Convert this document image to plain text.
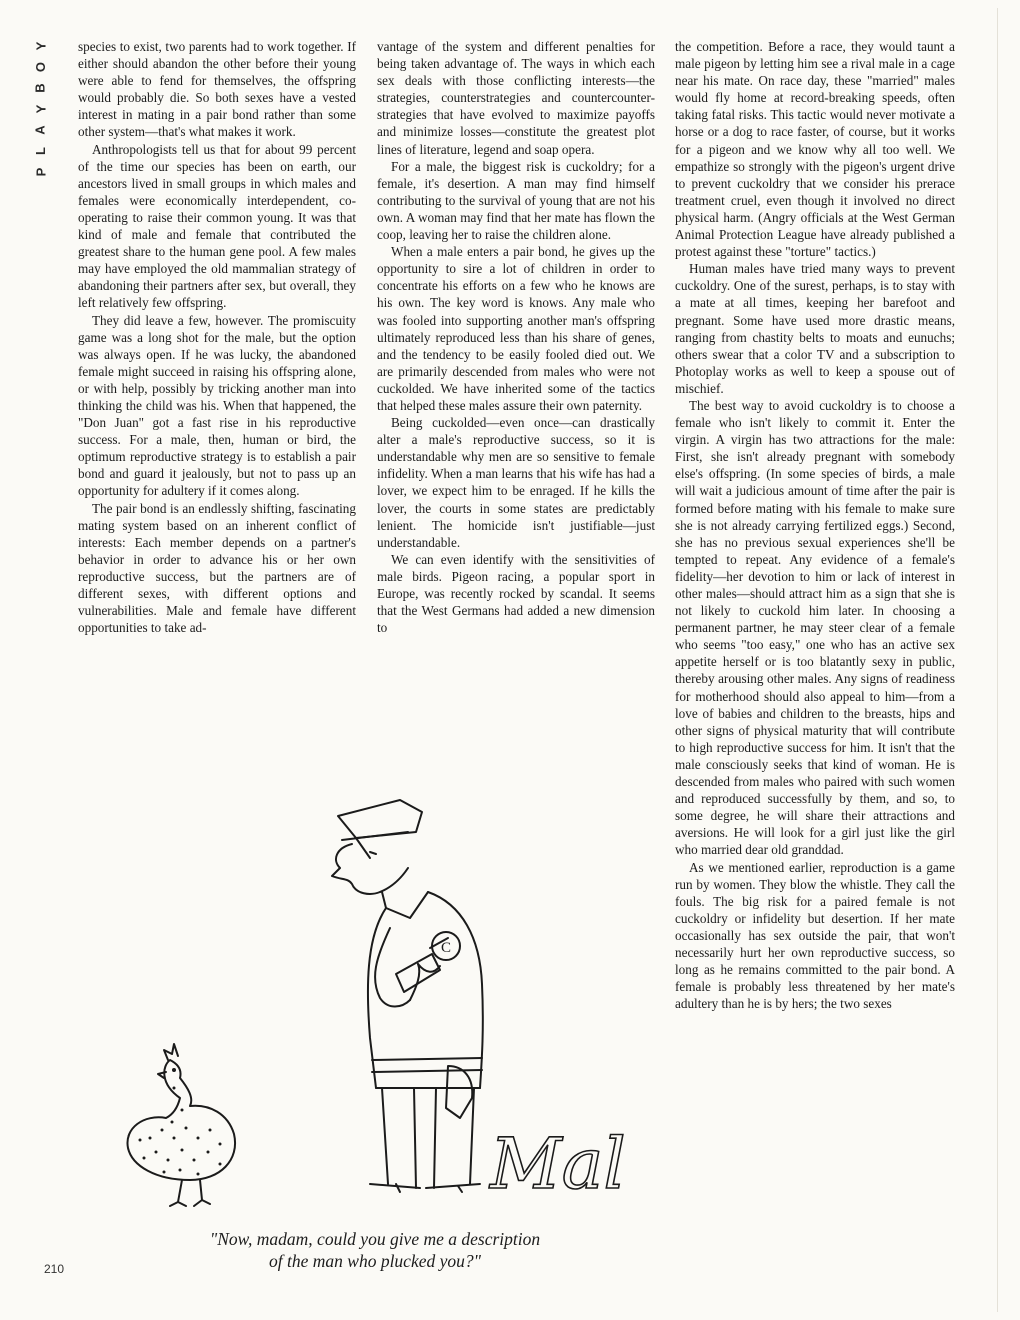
Y
O
B
Y
A
L
P

species to exist, two parents had to work together. If either should abandon the other before their young were able to fend for themselves, the offspring would probably die. So both sexes have a vested interest in mating in a pair bond rather than some other system—that's what makes it work.

Anthropologists tell us that for about 99 percent of the time our species has been on earth, our ancestors lived in small groups in which males and females were economically interdependent, co-operating to raise their common young. It was that kind of male and female that contributed the greatest share to the human gene pool. A few males may have employed the old mammalian strategy of abandoning their partners after sex, but overall, they left relatively few offspring.

They did leave a few, however. The promiscuity game was a long shot for the male, but the option was always open. If he was lucky, the abandoned female might succeed in raising his offspring alone, or with help, possibly by tricking another man into thinking the child was his. When that happened, the "Don Juan" got a fast rise in his reproductive success. For a male, then, human or bird, the optimum reproductive strategy is to establish a pair bond and guard it jealously, but not to pass up an opportunity for adultery if it comes along.

The pair bond is an endlessly shifting, fascinating mating system based on an inherent conflict of interests: Each member depends on a partner's behavior in order to advance his or her own reproductive success, but the partners are of different sexes, with different options and vulnerabilities. Male and female have different opportunities to take ad-

vantage of the system and different penalties for being taken advantage of. The ways in which each sex deals with those conflicting interests—the strategies, counterstrategies and countercounter-strategies that have evolved to maximize payoffs and minimize losses—constitute the greatest plot lines of literature, legend and soap opera.

For a male, the biggest risk is cuckoldry; for a female, it's desertion. A man may find himself contributing to the survival of young that are not his own. A woman may find that her mate has flown the coop, leaving her to raise the children alone.

When a male enters a pair bond, he gives up the opportunity to sire a lot of children in order to concentrate his efforts on a few who he knows are his own. The key word is knows. Any male who was fooled into supporting another man's offspring ultimately reproduced less than his share of genes, and the tendency to be easily fooled died out. We are primarily descended from males who were not cuckolded. We have inherited some of the tactics that helped these males assure their own paternity.

Being cuckolded—even once—can drastically alter a male's reproductive success, so it is understandable why men are so sensitive to female infidelity. When a man learns that his wife has had a lover, we expect him to be enraged. If he kills the lover, the courts in some states are predictably lenient. The homicide isn't justifiable—just understandable.

We can even identify with the sensitivities of male birds. Pigeon racing, a popular sport in Europe, was recently rocked by scandal. It seems that the West Germans had added a new dimension to

the competition. Before a race, they would taunt a male pigeon by letting him see a rival male in a cage near his mate. On race day, these "married" males would fly home at record-breaking speeds, often taking fatal risks. This tactic would never motivate a horse or a dog to race faster, of course, but it works for a pigeon and we know why all too well. We empathize so strongly with the pigeon's urgent drive to prevent cuckoldry that we consider his prerace treatment cruel, even though it involved no direct physical harm. (Angry officials at the West German Animal Protection League have already published a protest against these "torture" tactics.)

Human males have tried many ways to prevent cuckoldry. One of the surest, perhaps, is to stay with a mate at all times, keeping her barefoot and pregnant. Some have used more drastic means, ranging from chastity belts to moats and eunuchs; others swear that a color TV and a subscription to Photoplay works as well to keep a spouse out of mischief.

The best way to avoid cuckoldry is to choose a female who isn't likely to commit it. Enter the virgin. A virgin has two attractions for the male: First, she isn't already pregnant with somebody else's offspring. (In some species of birds, a male will wait a judicious amount of time after the pair is formed before mating with his female to make sure she is not already carrying fertilized eggs.) Second, she has no previous sexual experiences she'll be tempted to repeat. Any evidence of a female's fidelity—her devotion to him or lack of interest in other males—should attract him as a sign that she is not likely to cuckold him later. In choosing a permanent partner, he may steer clear of a female who seems "too easy," one who has an active sex appetite herself or is too blatantly sexy in public, thereby arousing other males. Any signs of readiness for motherhood should also appeal to him—from a love of babies and children to the breasts, hips and other signs of physical maturity that will contribute to high reproductive success for him. It isn't that the male consciously seeks that kind of woman. He is descended from males who paired with such women and reproduced successfully by them, and so, to some degree, he will share their attractions and aversions. He will look for a girl just like the girl who married dear old granddad.

As we mentioned earlier, reproduction is a game run by women. They blow the whistle. They call the fouls. The big risk for a paired female is not cuckoldry or infidelity but desertion. If her mate occasionally has sex outside the pair, that won't necessarily hurt her own reproductive success, so long as he remains committed to the pair bond. A female is probably less threatened by her mate's adultery than he is by hers; the two sexes

C
Mal
"Now, madam, could you give me a description
of the man who plucked you?"
210
